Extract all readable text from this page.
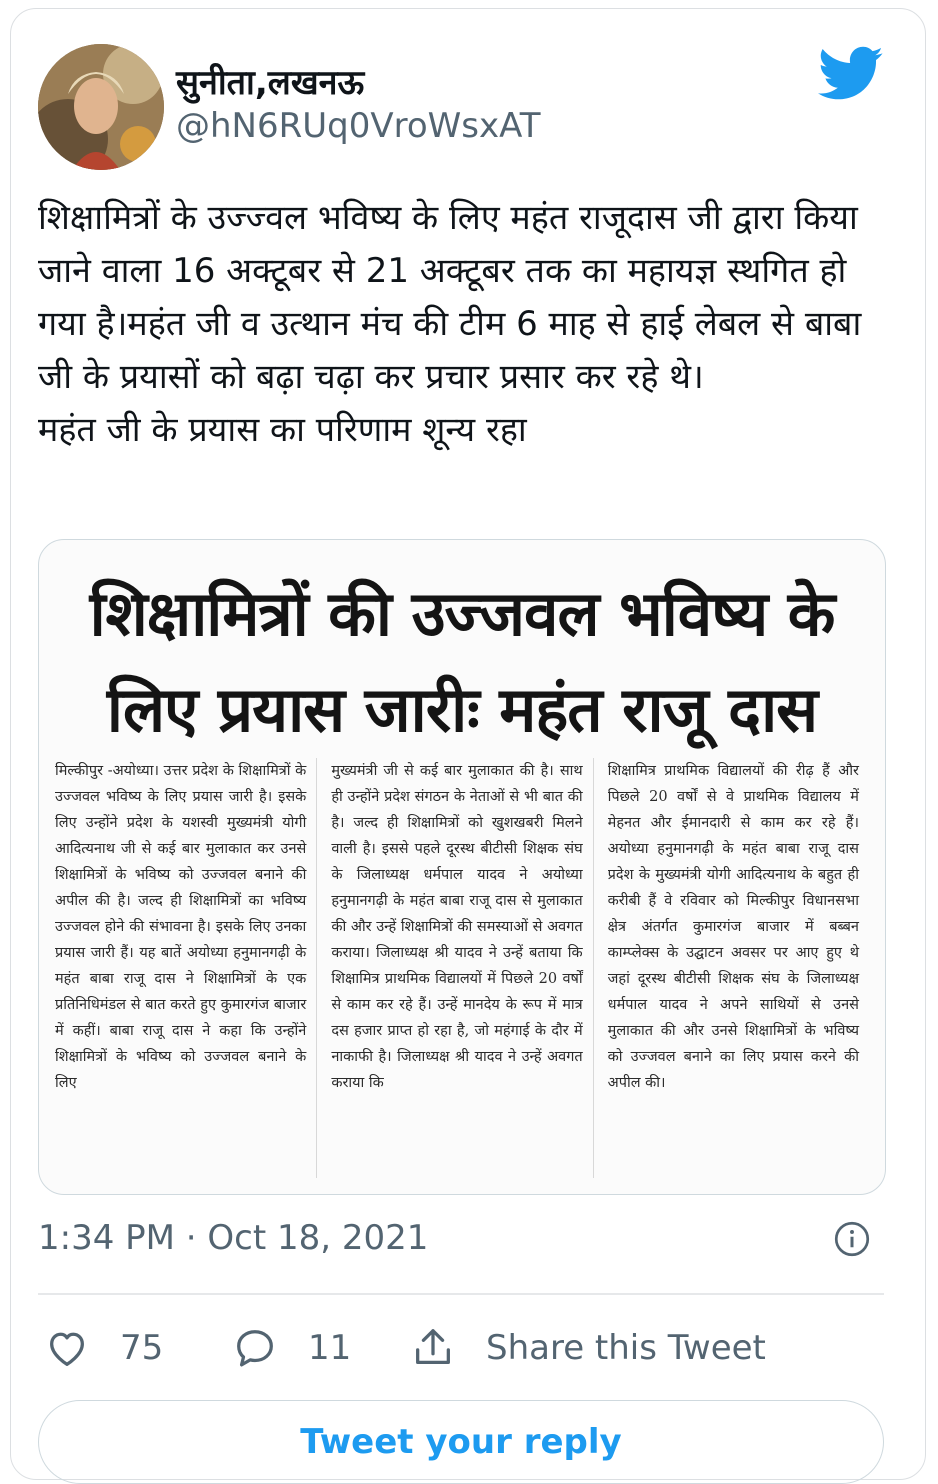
सुनीता,लखनऊ
@hN6RUq0VroWsxAT

शिक्षामित्रों के उज्ज्वल भविष्य के लिए महंत राजूदास जी द्वारा किया जाने वाला 16 अक्टूबर से 21 अक्टूबर तक का महायज्ञ स्थगित हो गया है।महंत जी व उत्थान मंच की टीम 6 माह से हाई लेबल से बाबा जी के प्रयासों को बढ़ा चढ़ा कर प्रचार प्रसार कर रहे थे।

महंत जी के प्रयास का परिणाम शून्य रहा

शिक्षामित्रों की उज्जवल भविष्य के
लिए प्रयास जारीः महंत राजू दास
मिल्कीपुर -अयोध्या। उत्तर प्रदेश के शिक्षामित्रों के उज्जवल भविष्य के लिए प्रयास जारी है। इसके लिए उन्होंने प्रदेश के यशस्वी मुख्यमंत्री योगी आदित्यनाथ जी से कई बार मुलाकात कर उनसे शिक्षामित्रों के भविष्य को उज्जवल बनाने की अपील की है। जल्द ही शिक्षामित्रों का भविष्य उज्जवल होने की संभावना है। इसके लिए उनका प्रयास जारी हैं। यह बातें अयोध्या हनुमानगढ़ी के महंत बाबा राजू दास ने शिक्षामित्रों के एक प्रतिनिधिमंडल से बात करते हुए कुमारगंज बाजार में कहीं। बाबा राजू दास ने कहा कि उन्होंने शिक्षामित्रों के भविष्य को उज्जवल बनाने के लिए
मुख्यमंत्री जी से कई बार मुलाकात की है। साथ ही उन्होंने प्रदेश संगठन के नेताओं से भी बात की है। जल्द ही शिक्षामित्रों को खुशखबरी मिलने वाली है। इससे पहले दूरस्थ बीटीसी शिक्षक संघ के जिलाध्यक्ष धर्मपाल यादव ने अयोध्या हनुमानगढ़ी के महंत बाबा राजू दास से मुलाकात की और उन्हें शिक्षामित्रों की समस्याओं से अवगत कराया। जिलाध्यक्ष श्री यादव ने उन्हें बताया कि शिक्षामित्र प्राथमिक विद्यालयों में पिछले 20 वर्षों से काम कर रहे हैं। उन्हें मानदेय के रूप में मात्र दस हजार प्राप्त हो रहा है, जो महंगाई के दौर में नाकाफी है। जिलाध्यक्ष श्री यादव ने उन्हें अवगत कराया कि
शिक्षामित्र प्राथमिक विद्यालयों की रीढ़ हैं और पिछले 20 वर्षों से वे प्राथमिक विद्यालय में मेहनत और ईमानदारी से काम कर रहे हैं। अयोध्या हनुमानगढ़ी के महंत बाबा राजू दास प्रदेश के मुख्यमंत्री योगी आदित्यनाथ के बहुत ही करीबी हैं वे रविवार को मिल्कीपुर विधानसभा क्षेत्र अंतर्गत कुमारगंज बाजार में बब्बन काम्प्लेक्स के उद्घाटन अवसर पर आए हुए थे जहां दूरस्थ बीटीसी शिक्षक संघ के जिलाध्यक्ष धर्मपाल यादव ने अपने साथियों से उनसे मुलाकात की और उनसे शिक्षामित्रों के भविष्य को उज्जवल बनाने का लिए प्रयास करने की अपील की।
1:34 PM · Oct 18, 2021
75	11	Share this Tweet
Tweet your reply
